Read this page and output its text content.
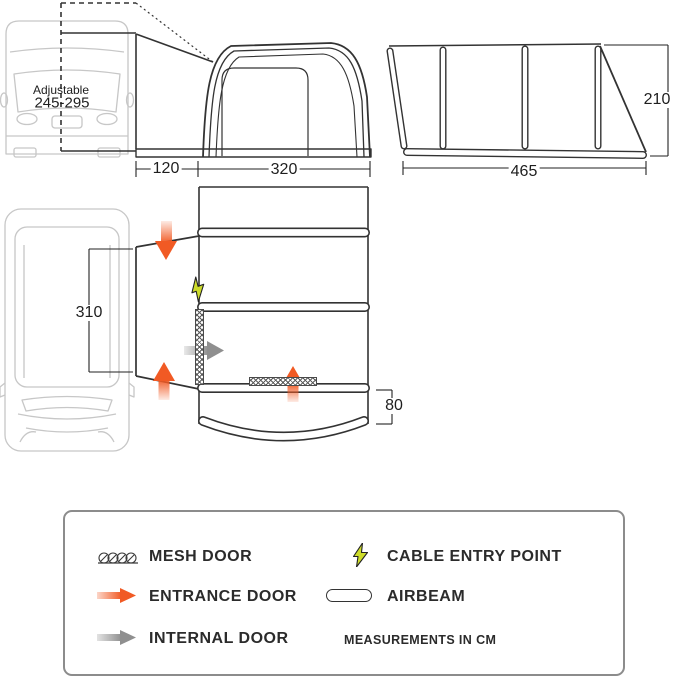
Adjustable
245-295
120	320
210
465
310
80
MESH DOOR	CABLE ENTRY POINT
ENTRANCE DOOR	AIRBEAM
INTERNAL DOOR	MEASUREMENTS IN CM
